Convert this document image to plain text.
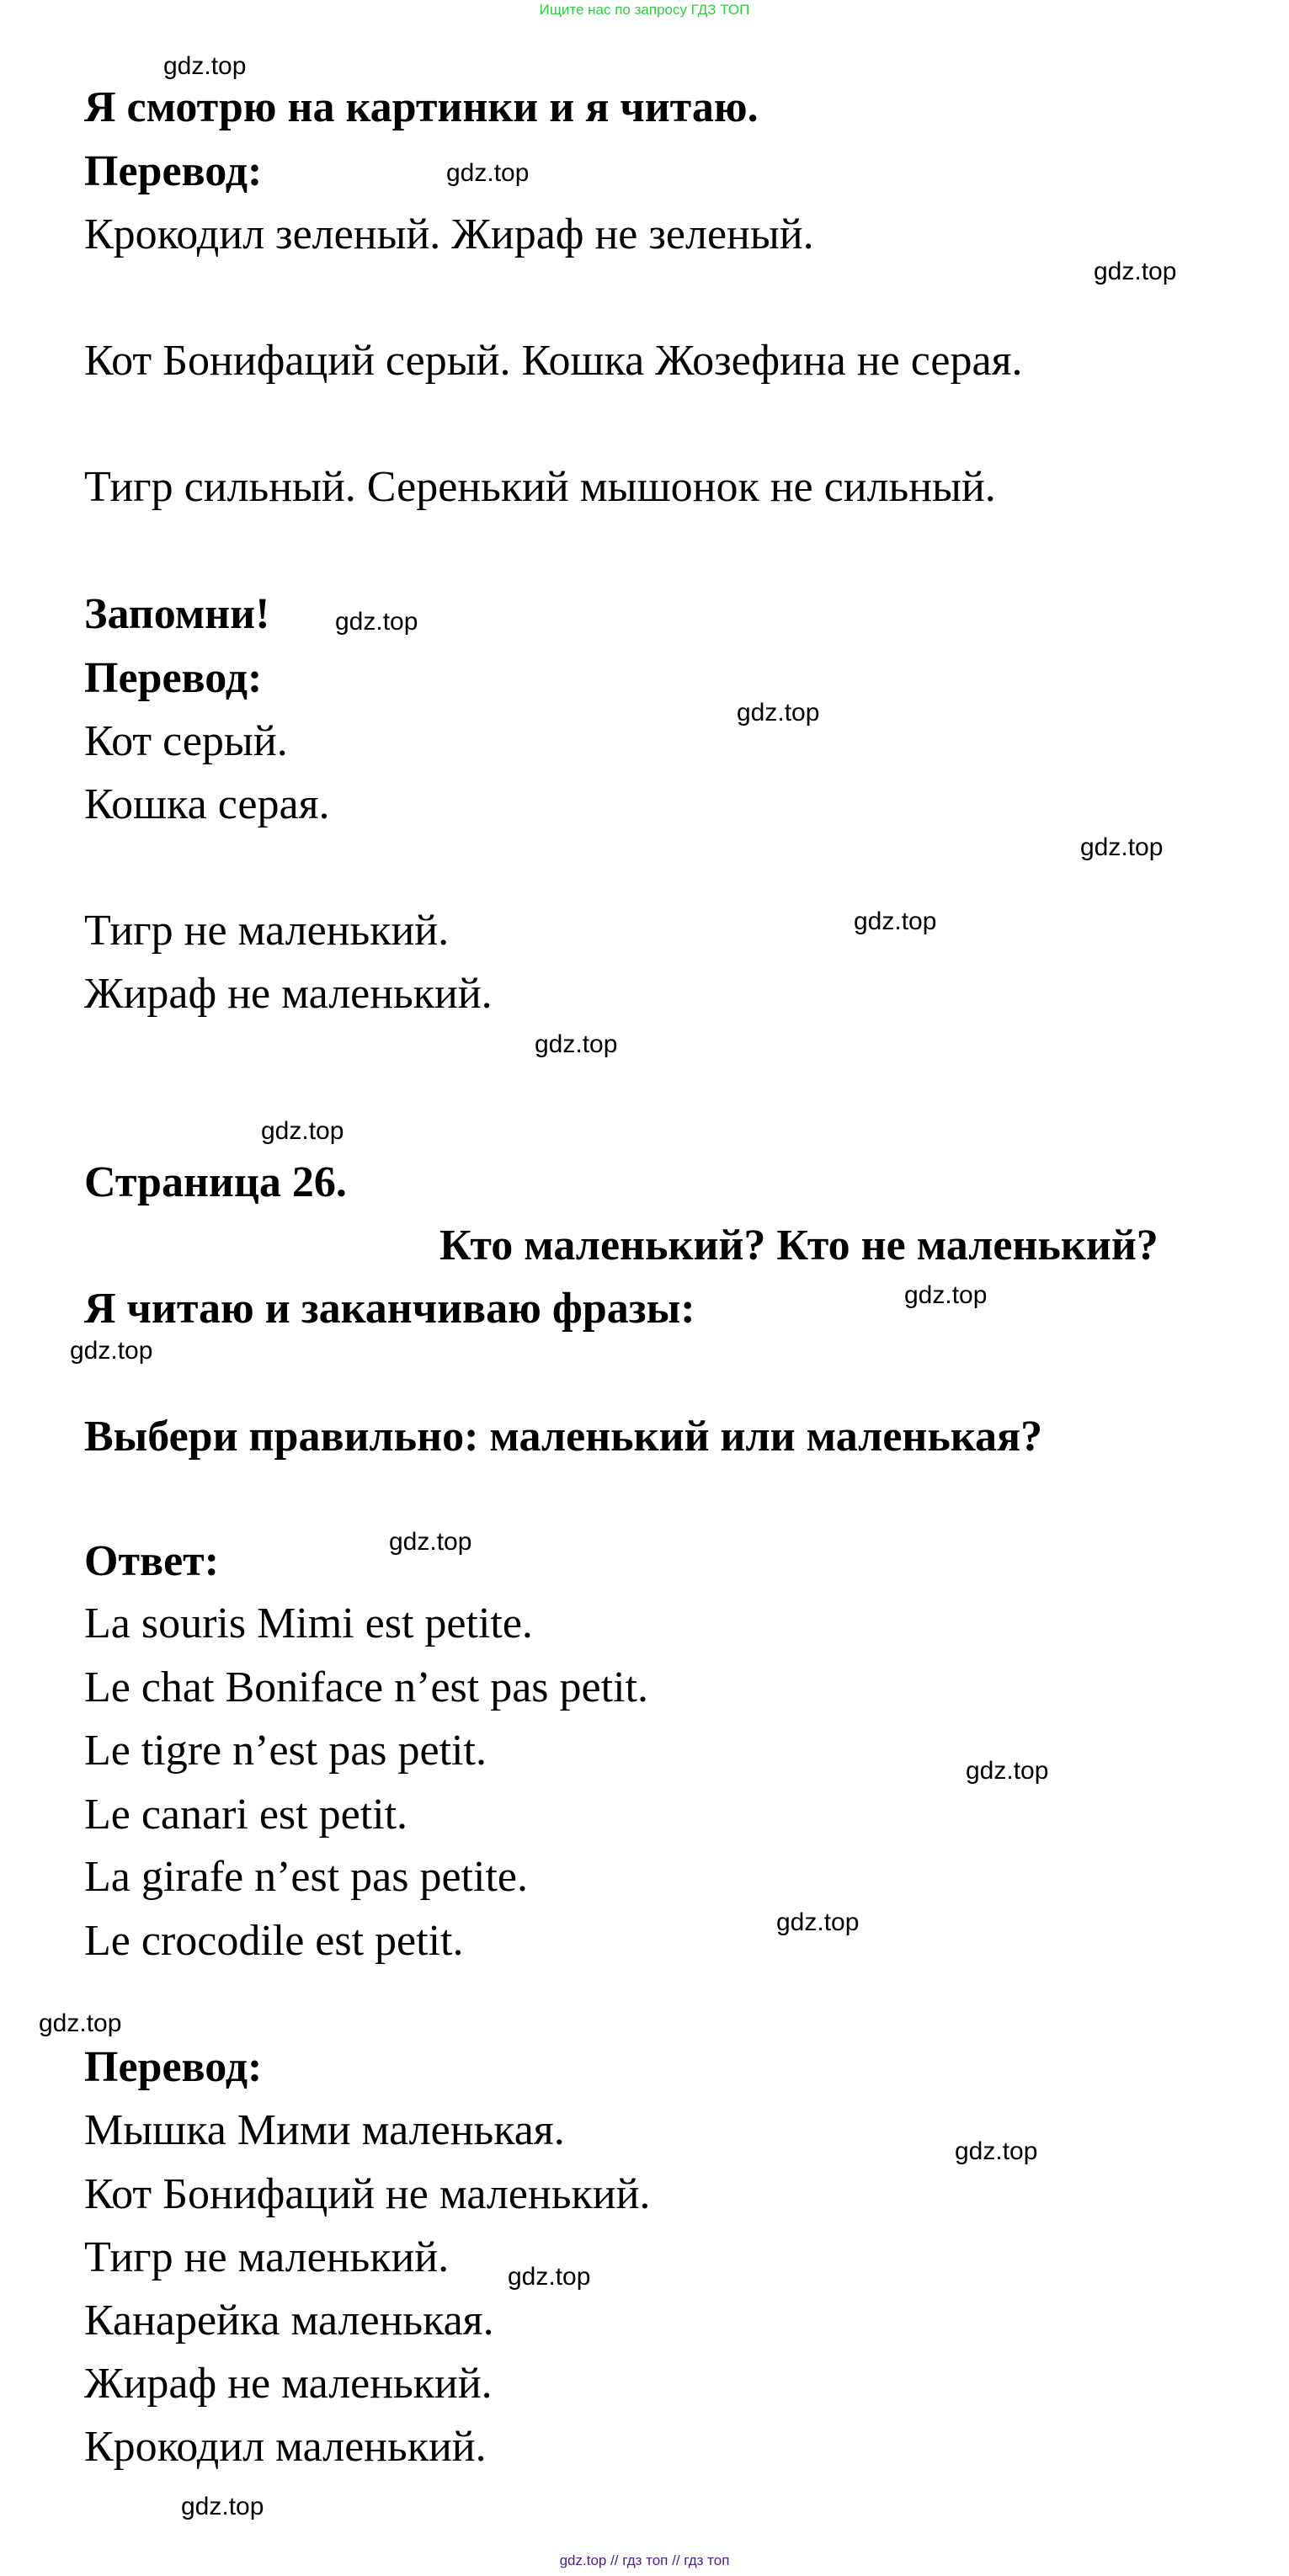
Ищите нас по запросу ГДЗ ТОП
Я смотрю на картинки и я читаю.
Перевод:
Крокодил зеленый. Жираф не зеленый.
Кот Бонифаций серый. Кошка Жозефина не серая.
Тигр сильный. Серенький мышонок не сильный.
Запомни!
Перевод:
Кот серый.
Кошка серая.
Тигр не маленький.
Жираф не маленький.
Страница 26.
Кто маленький? Кто не маленький?
Я читаю и заканчиваю фразы:
Выбери правильно: маленький или маленькая?
Ответ:
La souris Mimi est petite.
Le chat Boniface n’est pas petit.
Le tigre n’est pas petit.
Le canari est petit.
La girafe n’est pas petite.
Le crocodile est petit.
Перевод:
Мышка Мими маленькая.
Кот Бонифаций не маленький.
Тигр не маленький.
Канарейка маленькая.
Жираф не маленький.
Крокодил маленький.
gdz.top
gdz.top
gdz.top
gdz.top
gdz.top
gdz.top
gdz.top
gdz.top
gdz.top
gdz.top
gdz.top
gdz.top
gdz.top
gdz.top
gdz.top
gdz.top
gdz.top
gdz.top
gdz.top // гдз топ // гдз топ
